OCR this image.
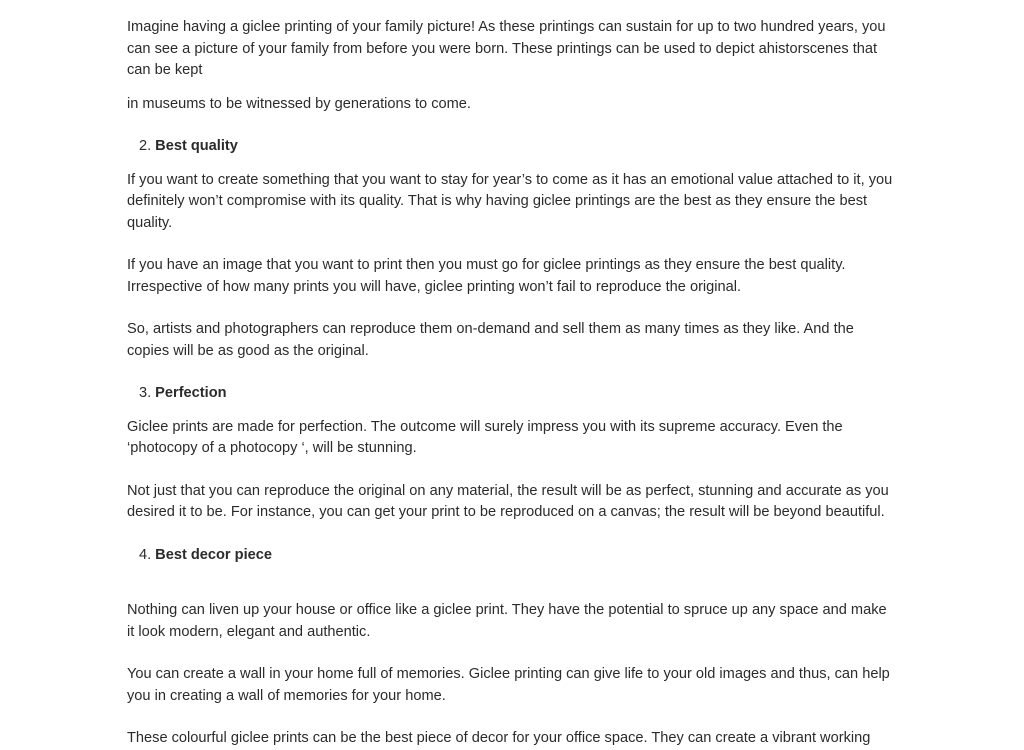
Imagine having a giclee printing of your family picture! As these printings can sustain for up to two hundred years, you can see a picture of your family from before you were born. These printings can be used to depict ahistorscenes that can be kept

in museums to be witnessed by generations to come.

2. Best quality

If you want to create something that you want to stay for year’s to come as it has an emotional value attached to it, you definitely won’t compromise with its quality. That is why having giclee printings are the best as they ensure the best quality.

If you have an image that you want to print then you must go for giclee printings as they ensure the best quality. Irrespective of how many prints you will have, giclee printing won’t fail to reproduce the original.

So, artists and photographers can reproduce them on-demand and sell them as many times as they like. And the copies will be as good as the original.

3. Perfection

Giclee prints are made for perfection. The outcome will surely impress you with its supreme accuracy. Even the ‘photocopy of a photocopy ‘, will be stunning.

Not just that you can reproduce the original on any material, the result will be as perfect, stunning and accurate as you desired it to be. For instance, you can get your print to be reproduced on a canvas; the result will be beyond beautiful.

4. Best decor piece

Nothing can liven up your house or office like a giclee print. They have the potential to spruce up any space and make it look modern, elegant and authentic.

You can create a wall in your home full of memories. Giclee printing can give life to your old images and thus, can help you in creating a wall of memories for your home.

These colourful giclee prints can be the best piece of decor for your office space. They can create a vibrant working
